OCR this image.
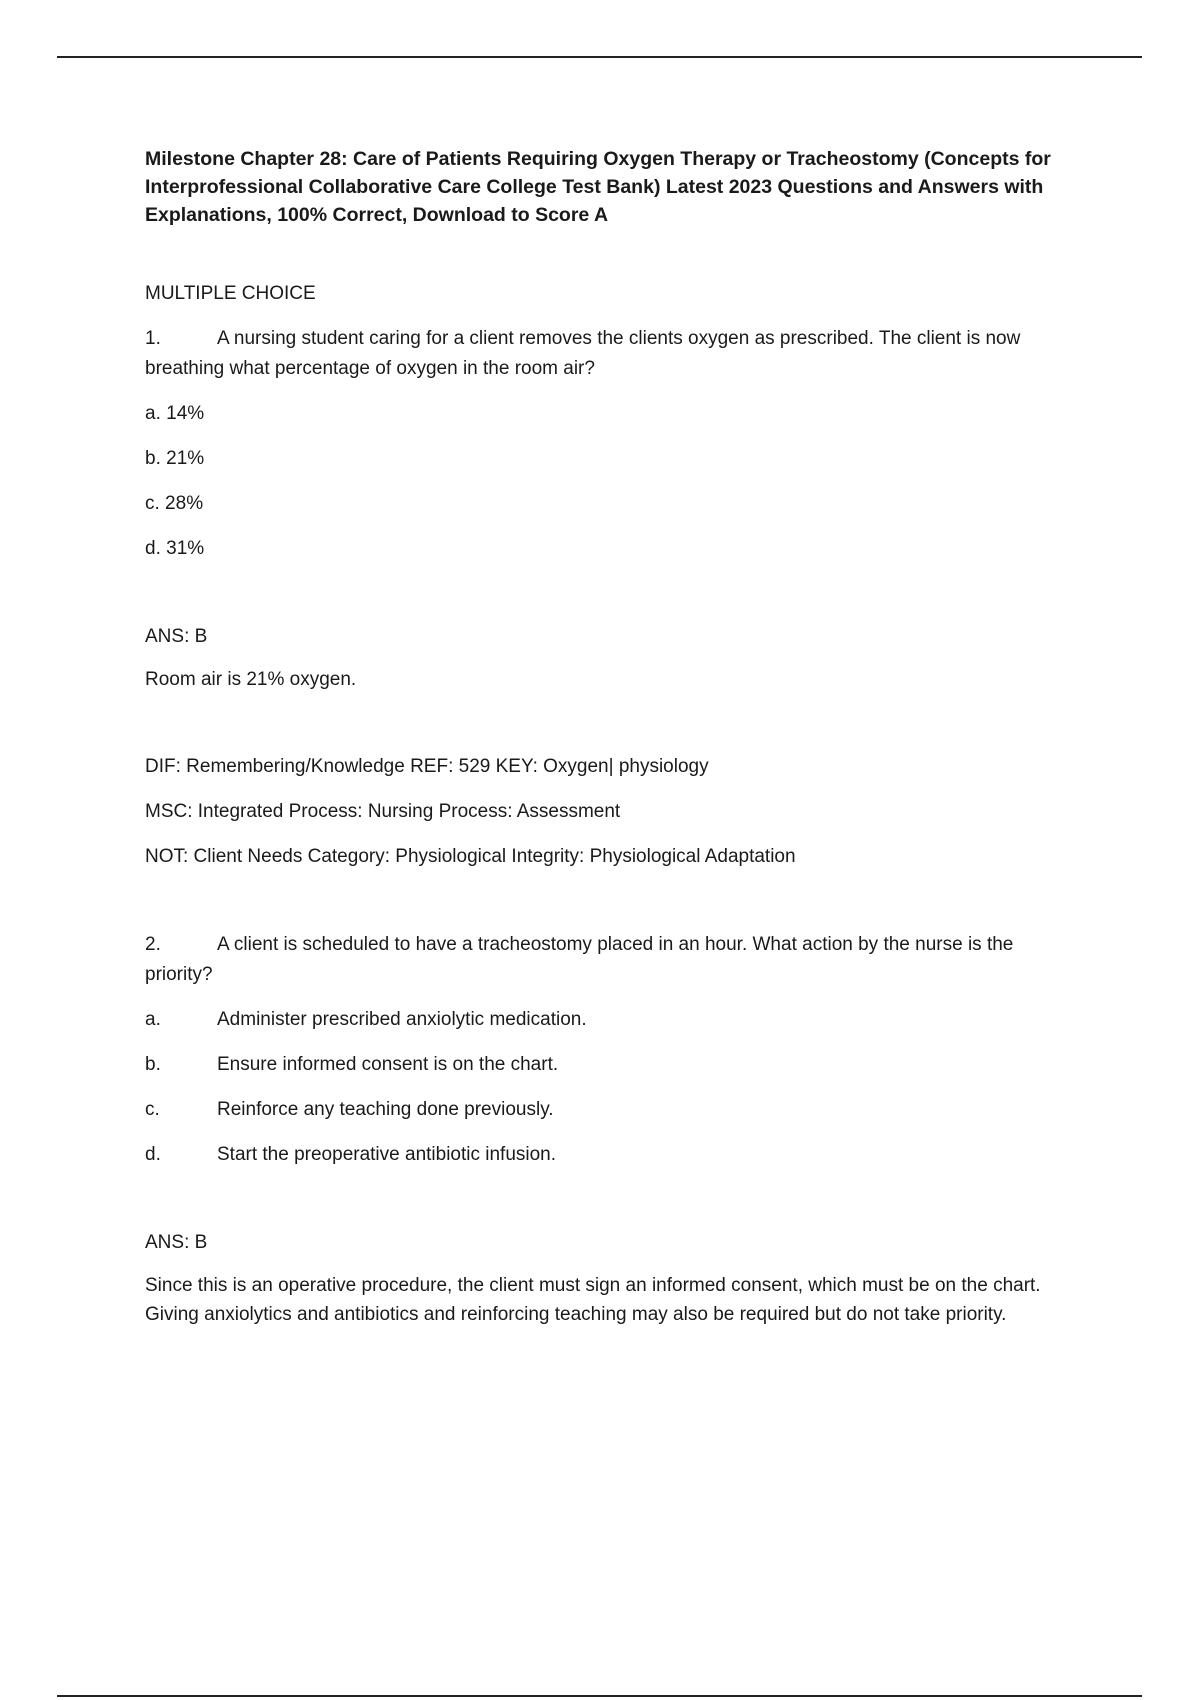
Milestone Chapter 28: Care of Patients Requiring Oxygen Therapy or Tracheostomy (Concepts for Interprofessional Collaborative Care College Test Bank) Latest 2023 Questions and Answers with Explanations, 100% Correct, Download to Score A

MULTIPLE CHOICE

1.	A nursing student caring for a client removes the clients oxygen as prescribed. The client is now breathing what percentage of oxygen in the room air?

a. 14%

b. 21%

c. 28%

d. 31%

ANS: B

Room air is 21% oxygen.

DIF: Remembering/Knowledge REF: 529 KEY: Oxygen| physiology

MSC: Integrated Process: Nursing Process: Assessment

NOT: Client Needs Category: Physiological Integrity: Physiological Adaptation

2.	A client is scheduled to have a tracheostomy placed in an hour. What action by the nurse is the priority?

a.	Administer prescribed anxiolytic medication.
b.	Ensure informed consent is on the chart.
c.	Reinforce any teaching done previously.
d.	Start the preoperative antibiotic infusion.

ANS: B

Since this is an operative procedure, the client must sign an informed consent, which must be on the chart. Giving anxiolytics and antibiotics and reinforcing teaching may also be required but do not take priority.
